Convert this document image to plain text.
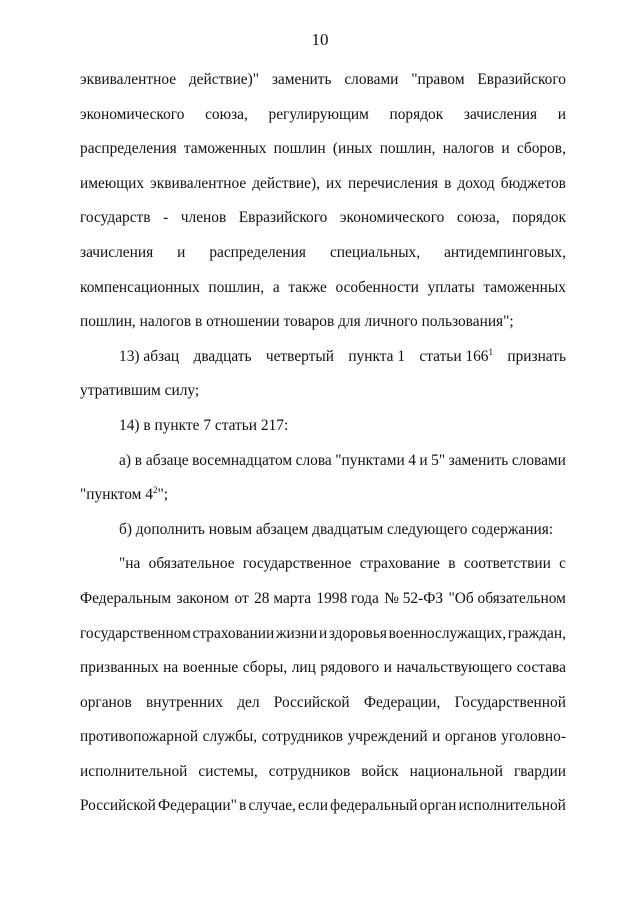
10
эквивалентное действие)" заменить словами "правом Евразийского
экономического союза, регулирующим порядок зачисления и
распределения таможенных пошлин (иных пошлин, налогов и сборов,
имеющих эквивалентное действие), их перечисления в доход бюджетов
государств - членов Евразийского экономического союза, порядок
зачисления и распределения специальных, антидемпинговых,
компенсационных пошлин, а также особенности уплаты таможенных
пошлин, налогов в отношении товаров для личного пользования";
13) абзац двадцать четвертый пункта 1 статьи $166^1$ признать
утратившим силу;
14) в пункте 7 статьи 217:
а) в абзаце восемнадцатом слова "пунктами 4 и 5" заменить словами
"пунктом $4^2$";
б) дополнить новым абзацем двадцатым следующего содержания:
"на обязательное государственное страхование в соответствии с
Федеральным законом от 28 марта 1998 года № 52-ФЗ "Об обязательном
государственном страховании жизни и здоровья военнослужащих, граждан,
призванных на военные сборы, лиц рядового и начальствующего состава
органов внутренних дел Российской Федерации, Государственной
противопожарной службы, сотрудников учреждений и органов уголовно-
исполнительной системы, сотрудников войск национальной гвардии
Российской Федерации" в случае, если федеральный орган исполнительной
